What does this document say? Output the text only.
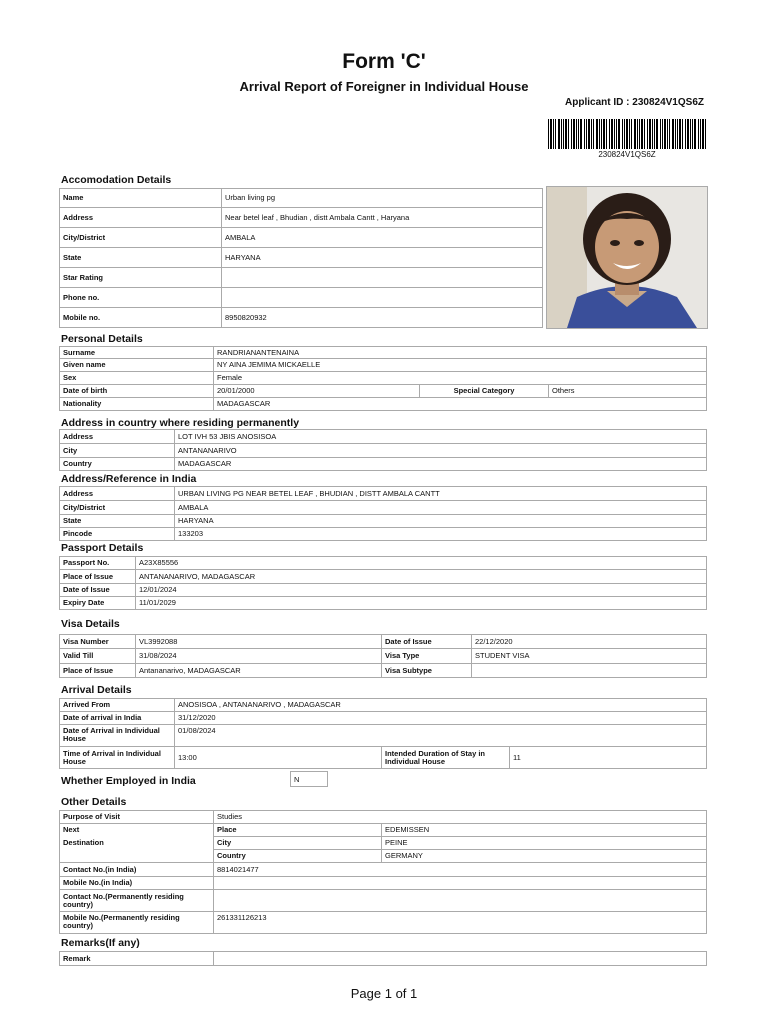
Form 'C'
Arrival Report of Foreigner in Individual House
Applicant ID : 230824V1QS6Z
230824V1QS6Z
Accomodation Details
Name	Urban living pg
Address	Near betel leaf , Bhudian , distt Ambala Cantt , Haryana
City/District	AMBALA
State	HARYANA
Star Rating	
Phone no.	
Mobile no.	8950820932
Personal Details
Surname	RANDRIANANTENAINA		
Given name	NY AINA JEMIMA MICKAELLE		
Sex	Female		
Date of birth	20/01/2000	Special Category	Others
Nationality	MADAGASCAR		
Address in country where residing permanently
Address	LOT IVH 53 JBIS ANOSISOA
City	ANTANANARIVO
Country	MADAGASCAR
Address/Reference in India
Address	URBAN LIVING PG NEAR BETEL LEAF , BHUDIAN , DISTT AMBALA CANTT
City/District	AMBALA
State	HARYANA
Pincode	133203
Passport Details
Passport No.	A23X85556
Place of Issue	ANTANANARIVO, MADAGASCAR
Date of Issue	12/01/2024
Expiry Date	11/01/2029
Visa Details
Visa Number	VL3992088	Date of Issue	22/12/2020
Valid Till	31/08/2024	Visa Type	STUDENT VISA
Place of Issue	Antananarivo, MADAGASCAR	Visa Subtype	
Arrival Details
Arrived From	ANOSISOA , ANTANANARIVO , MADAGASCAR		
Date of arrival in India	31/12/2020		
Date of Arrival in Individual House	01/08/2024		
Time of Arrival in Individual House	13:00	Intended Duration of Stay in Individual House	11
Whether Employed in India	N
Other Details
Purpose of Visit	Studies	
Next	Place	EDEMISSEN
Destination	City	PEINE
	Country	GERMANY
Contact No.(in India)	8814021477	
Mobile No.(in India)		
Contact No.(Permanently residing country)		
Mobile No.(Permanently residing country)	261331126213	
Remarks(If any)
Remark	
Page 1 of 1
